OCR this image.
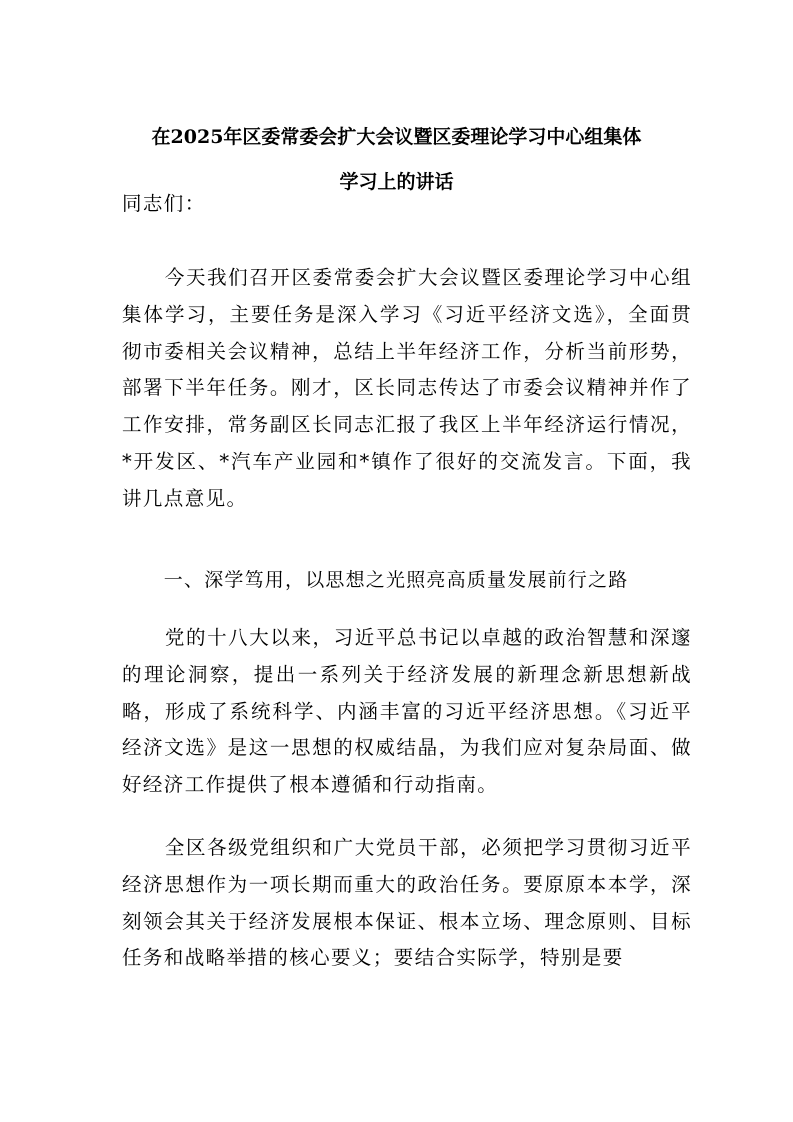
在2025年区委常委会扩大会议暨区委理论学习中心组集体
学习上的讲话
同志们：
今天我们召开区委常委会扩大会议暨区委理论学习中心组集体学习，主要任务是深入学习《习近平经济文选》，全面贯彻市委相关会议精神，总结上半年经济工作，分析当前形势，部署下半年任务。刚才，区长同志传达了市委会议精神并作了工作安排，常务副区长同志汇报了我区上半年经济运行情况，*开发区、*汽车产业园和*镇作了很好的交流发言。下面，我讲几点意见。
一、深学笃用，以思想之光照亮高质量发展前行之路
党的十八大以来，习近平总书记以卓越的政治智慧和深邃的理论洞察，提出一系列关于经济发展的新理念新思想新战略，形成了系统科学、内涵丰富的习近平经济思想。《习近平经济文选》是这一思想的权威结晶，为我们应对复杂局面、做好经济工作提供了根本遵循和行动指南。
全区各级党组织和广大党员干部，必须把学习贯彻习近平经济思想作为一项长期而重大的政治任务。要原原本本学，深刻领会其关于经济发展根本保证、根本立场、理念原则、目标任务和战略举措的核心要义；要结合实际学，特别是要
